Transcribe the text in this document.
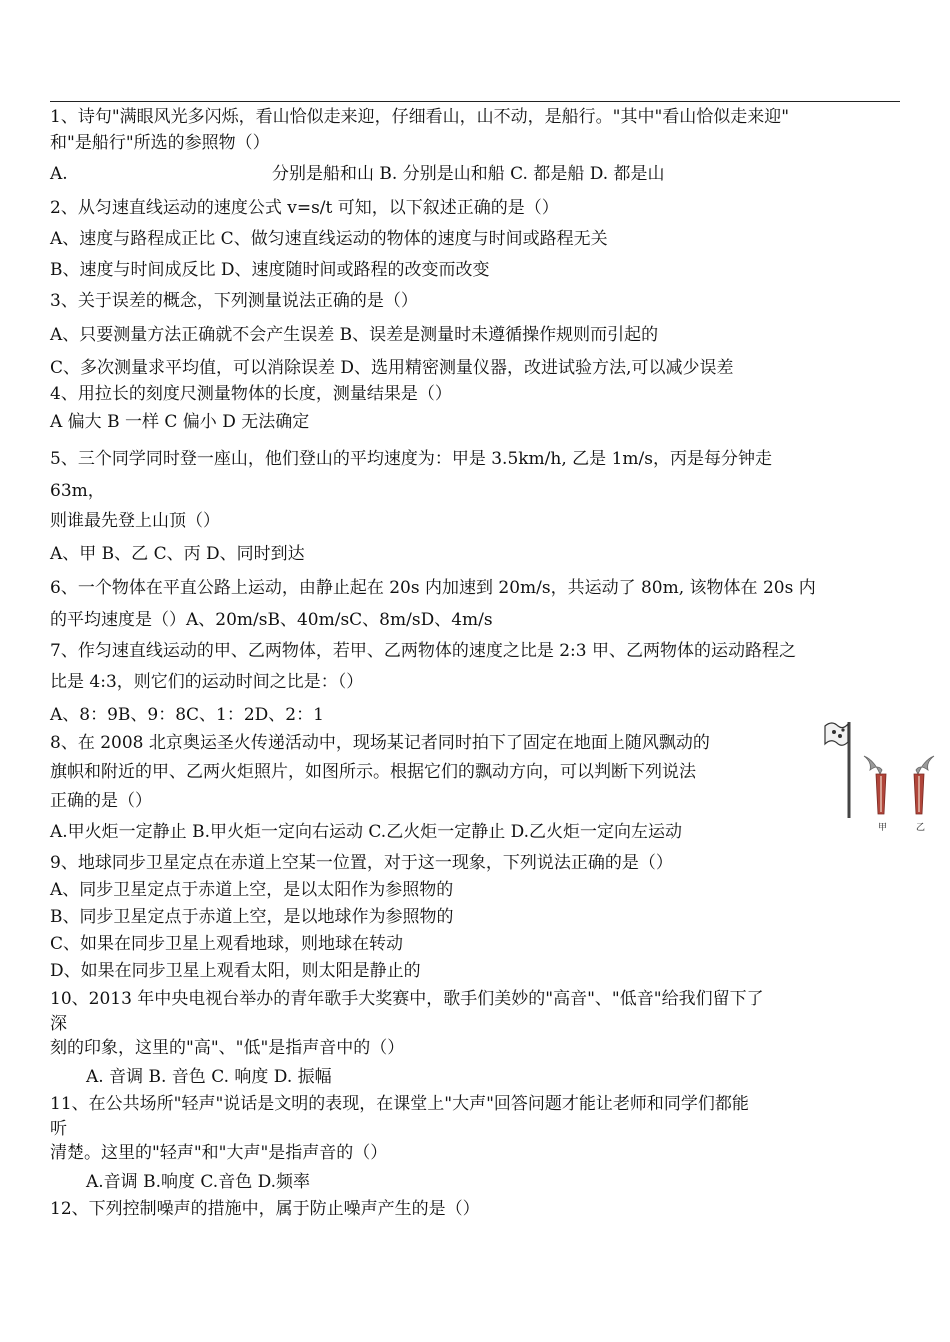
1、诗句"满眼风光多闪烁，看山恰似走来迎，仔细看山，山不动，是船行。"其中"看山恰似走来迎"
和"是船行"所选的参照物（）
A.	分别是船和山 B. 分别是山和船 C. 都是船 D. 都是山
2、从匀速直线运动的速度公式 v=s/t 可知，以下叙述正确的是（）
A、速度与路程成正比 C、做匀速直线运动的物体的速度与时间或路程无关
B、速度与时间成反比 D、速度随时间或路程的改变而改变
3、关于误差的概念，下列测量说法正确的是（）
A、只要测量方法正确就不会产生误差 B、误差是测量时未遵循操作规则而引起的
C、多次测量求平均值，可以消除误差 D、选用精密测量仪器，改进试验方法,可以减少误差
4、用拉长的刻度尺测量物体的长度，测量结果是（）
A 偏大 B 一样 C 偏小 D 无法确定
5、三个同学同时登一座山，他们登山的平均速度为：甲是 3.5km/h, 乙是 1m/s，丙是每分钟走
63m，
则谁最先登上山顶（）
A、甲 B、乙 C、丙 D、同时到达
6、一个物体在平直公路上运动，由静止起在 20s 内加速到 20m/s，共运动了 80m, 该物体在 20s 内
的平均速度是（）A、20m/sB、40m/sC、8m/sD、4m/s
7、作匀速直线运动的甲、乙两物体，若甲、乙两物体的速度之比是 2:3 甲、乙两物体的运动路程之
比是 4:3，则它们的运动时间之比是：（）
A、8：9B、9：8C、1：2D、2：1
8、在 2008 北京奥运圣火传递活动中，现场某记者同时拍下了固定在地面上随风飘动的
旗帜和附近的甲、乙两火炬照片，如图所示。根据它们的飘动方向，可以判断下列说法
正确的是（）
A.甲火炬一定静止 B.甲火炬一定向右运动 C.乙火炬一定静止 D.乙火炬一定向左运动
9、地球同步卫星定点在赤道上空某一位置，对于这一现象，下列说法正确的是（）
A、同步卫星定点于赤道上空，是以太阳作为参照物的
B、同步卫星定点于赤道上空，是以地球作为参照物的
C、如果在同步卫星上观看地球，则地球在转动
D、如果在同步卫星上观看太阳，则太阳是静止的
10、2013 年中央电视台举办的青年歌手大奖赛中，歌手们美妙的"高音"、"低音"给我们留下了
深
刻的印象，这里的"高"、"低"是指声音中的（）
A. 音调 B. 音色 C. 响度 D. 振幅
11、在公共场所"轻声"说话是文明的表现，在课堂上"大声"回答问题才能让老师和同学们都能
听
清楚。这里的"轻声"和"大声"是指声音的（）
A.音调 B.响度 C.音色 D.频率
12、下列控制噪声的措施中，属于防止噪声产生的是（）
甲	乙
